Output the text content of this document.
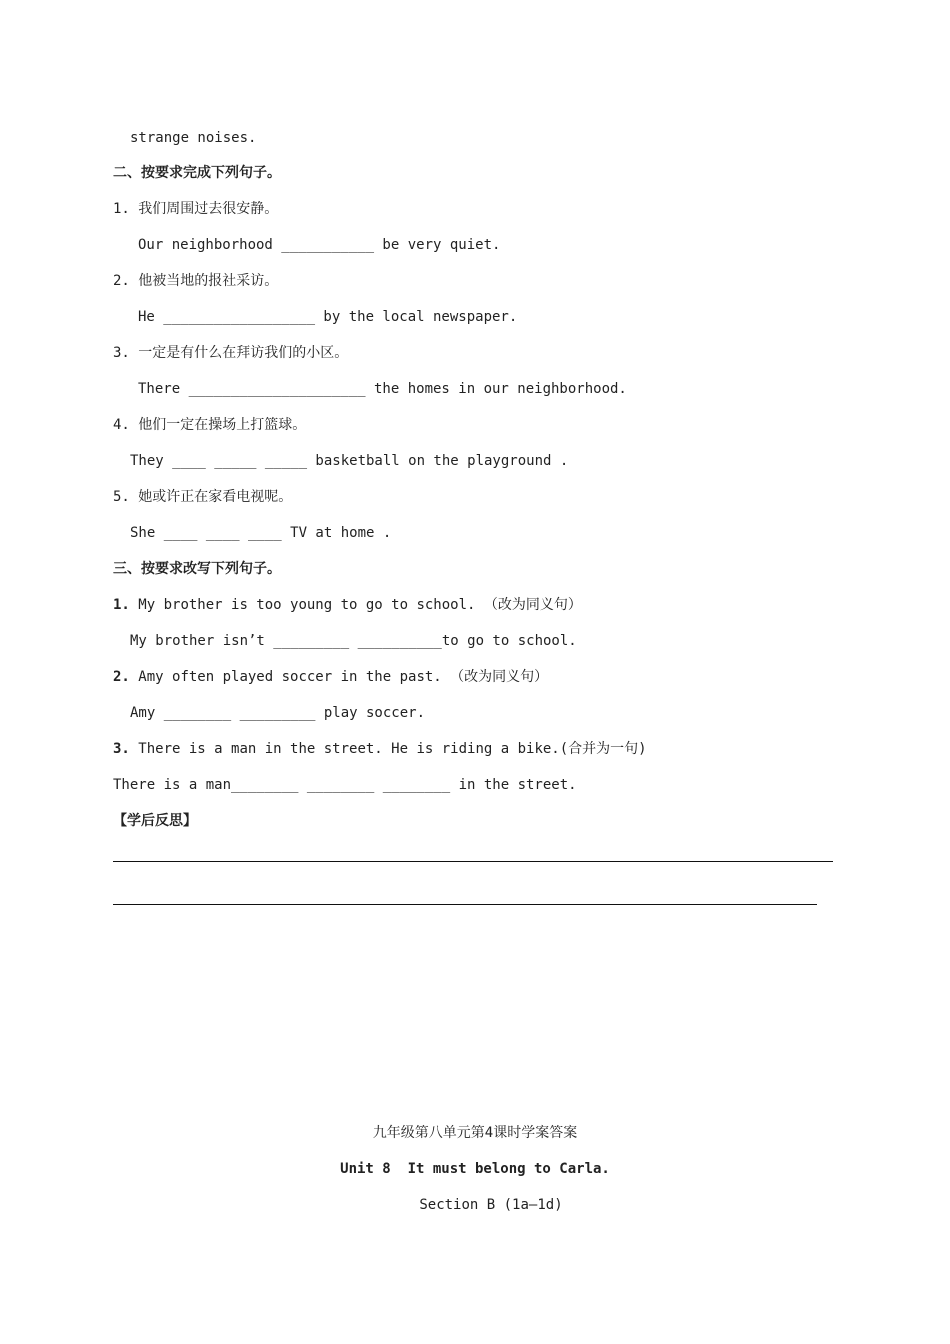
strange noises.
二、按要求完成下列句子。
1. 我们周围过去很安静。
Our neighborhood ___________ be very quiet.
2. 他被当地的报社采访。
He __________________ by the local newspaper.
3. 一定是有什么在拜访我们的小区。
There _____________________ the homes in our neighborhood.
4. 他们一定在操场上打篮球。
They ____ _____ _____ basketball on the playground .
5. 她或许正在家看电视呢。
She ____ ____ ____ TV at home .
三、按要求改写下列句子。
1. My brother is too young to go to school. （改为同义句）
My brother isn’t _________ __________to go to school.
2. Amy often played soccer in the past. （改为同义句）
Amy ________ _________ play soccer.
3. There is a man in the street. He is riding a bike.(合并为一句)
There is a man________ ________ ________ in the street.
【学后反思】
九年级第八单元第4课时学案答案
Unit 8  It must belong to Carla.
Section B (1a—1d)
